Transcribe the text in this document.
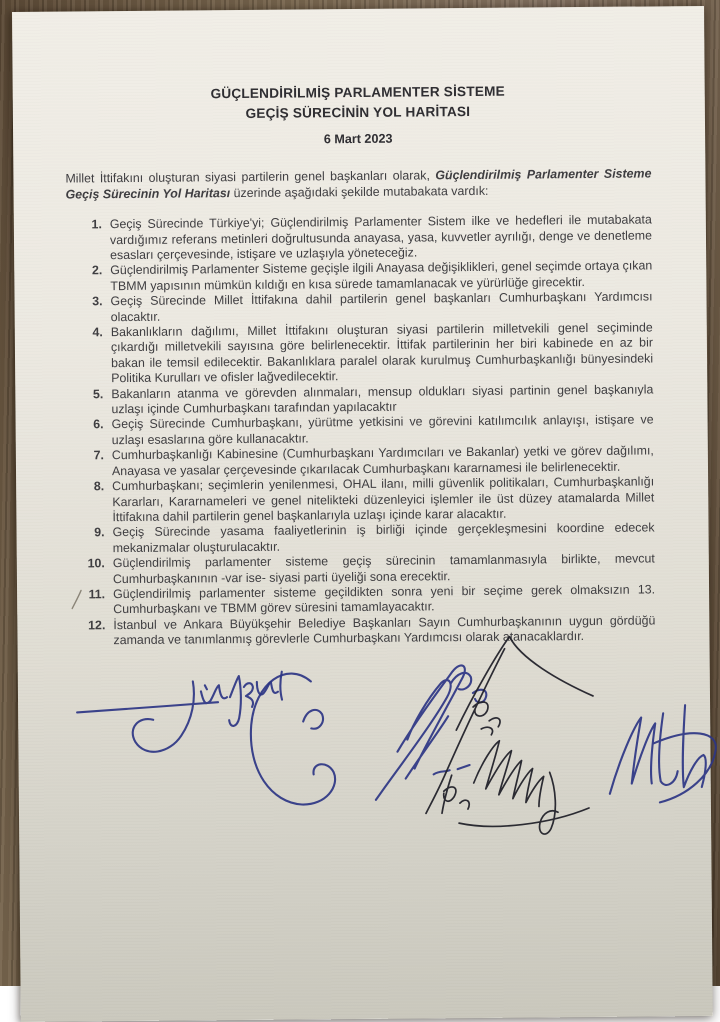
GÜÇLENDİRİLMİŞ PARLAMENTER SİSTEME
GEÇİŞ SÜRECİNİN YOL HARİTASI
6 Mart 2023

Millet İttifakını oluşturan siyasi partilerin genel başkanları olarak, Güçlendirilmiş Parlamenter Sisteme Geçiş Sürecinin Yol Haritası üzerinde aşağıdaki şekilde mutabakata vardık:

1. Geçiş Sürecinde Türkiye'yi; Güçlendirilmiş Parlamenter Sistem ilke ve hedefleri ile mutabakata vardığımız referans metinleri doğrultusunda anayasa, yasa, kuvvetler ayrılığı, denge ve denetleme esasları çerçevesinde, istişare ve uzlaşıyla yöneteceğiz.
2. Güçlendirilmiş Parlamenter Sisteme geçişle ilgili Anayasa değişiklikleri, genel seçimde ortaya çıkan TBMM yapısının mümkün kıldığı en kısa sürede tamamlanacak ve yürürlüğe girecektir.
3. Geçiş Sürecinde Millet İttifakına dahil partilerin genel başkanları Cumhurbaşkanı Yardımcısı olacaktır.
4. Bakanlıkların dağılımı, Millet İttifakını oluşturan siyasi partilerin milletvekili genel seçiminde çıkardığı milletvekili sayısına göre belirlenecektir. İttifak partilerinin her biri kabinede en az bir bakan ile temsil edilecektir. Bakanlıklara paralel olarak kurulmuş Cumhurbaşkanlığı bünyesindeki Politika Kurulları ve ofisler lağvedilecektir.
5. Bakanların atanma ve görevden alınmaları, mensup oldukları siyasi partinin genel başkanıyla uzlaşı içinde Cumhurbaşkanı tarafından yapılacaktır
6. Geçiş Sürecinde Cumhurbaşkanı, yürütme yetkisini ve görevini katılımcılık anlayışı, istişare ve uzlaşı esaslarına göre kullanacaktır.
7. Cumhurbaşkanlığı Kabinesine (Cumhurbaşkanı Yardımcıları ve Bakanlar) yetki ve görev dağılımı, Anayasa ve yasalar çerçevesinde çıkarılacak Cumhurbaşkanı kararnamesi ile belirlenecektir.
8. Cumhurbaşkanı; seçimlerin yenilenmesi, OHAL ilanı, milli güvenlik politikaları, Cumhurbaşkanlığı Kararları, Kararnameleri ve genel nitelikteki düzenleyici işlemler ile üst düzey atamalarda Millet İttifakına dahil partilerin genel başkanlarıyla uzlaşı içinde karar alacaktır.
9. Geçiş Sürecinde yasama faaliyetlerinin iş birliği içinde gerçekleşmesini koordine edecek mekanizmalar oluşturulacaktır.
10. Güçlendirilmiş parlamenter sisteme geçiş sürecinin tamamlanmasıyla birlikte, mevcut Cumhurbaşkanının -var ise- siyasi parti üyeliği sona erecektir.
11. Güçlendirilmiş parlamenter sisteme geçildikten sonra yeni bir seçime gerek olmaksızın 13. Cumhurbaşkanı ve TBMM görev süresini tamamlayacaktır.
12. İstanbul ve Ankara Büyükşehir Belediye Başkanları Sayın Cumhurbaşkanının uygun gördüğü zamanda ve tanımlanmış görevlerle Cumhurbaşkanı Yardımcısı olarak atanacaklardır.
